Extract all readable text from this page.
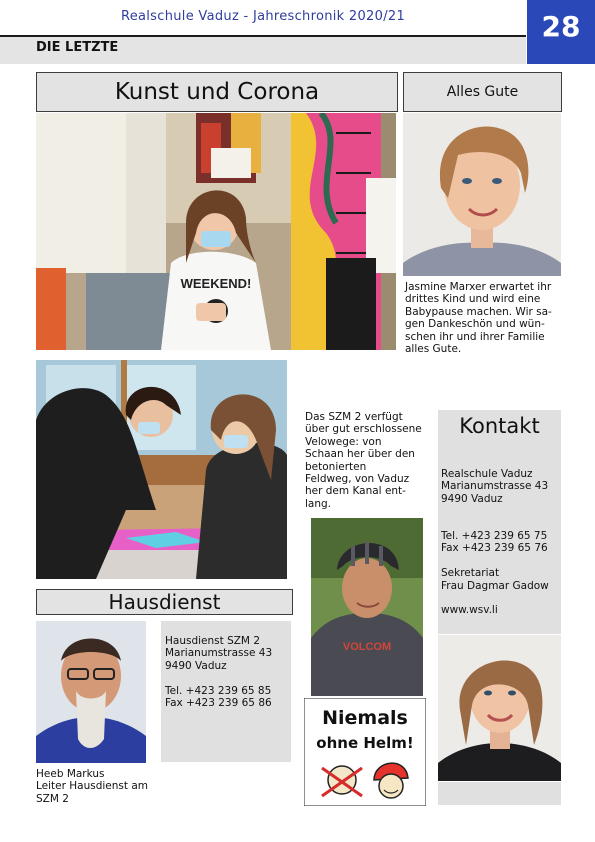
Realschule Vaduz - Jahreschronik 2020/21
DIE LETZTE
28
Kunst und Corona	Alles Gute
WEEKEND!	Jasmine Marxer erwartet ihr
drittes Kind und wird eine
Babypause machen. Wir sa-
gen Dankeschön und wün-
schen ihr und ihrer Familie
alles Gute.
Hausdienst
Hausdienst SZM 2
Marianumstrasse 43
9490 Vaduz

Tel. +423 239 65 85
Fax +423 239 65 86
Heeb Markus
Leiter Hausdienst am
SZM 2
Das SZM 2 verfügt
über gut erschlossene
Velowege: von
Schaan her über den
betonierten
Feldweg, von Vaduz
her dem Kanal ent-
lang.
VOLCOM
Niemals
ohne Helm!
Kontakt
Realschule Vaduz
Marianumstrasse 43
9490 Vaduz

Tel. +423 239 65 75
Fax +423 239 65 76

Sekretariat
Frau Dagmar Gadow

www.wsv.li
